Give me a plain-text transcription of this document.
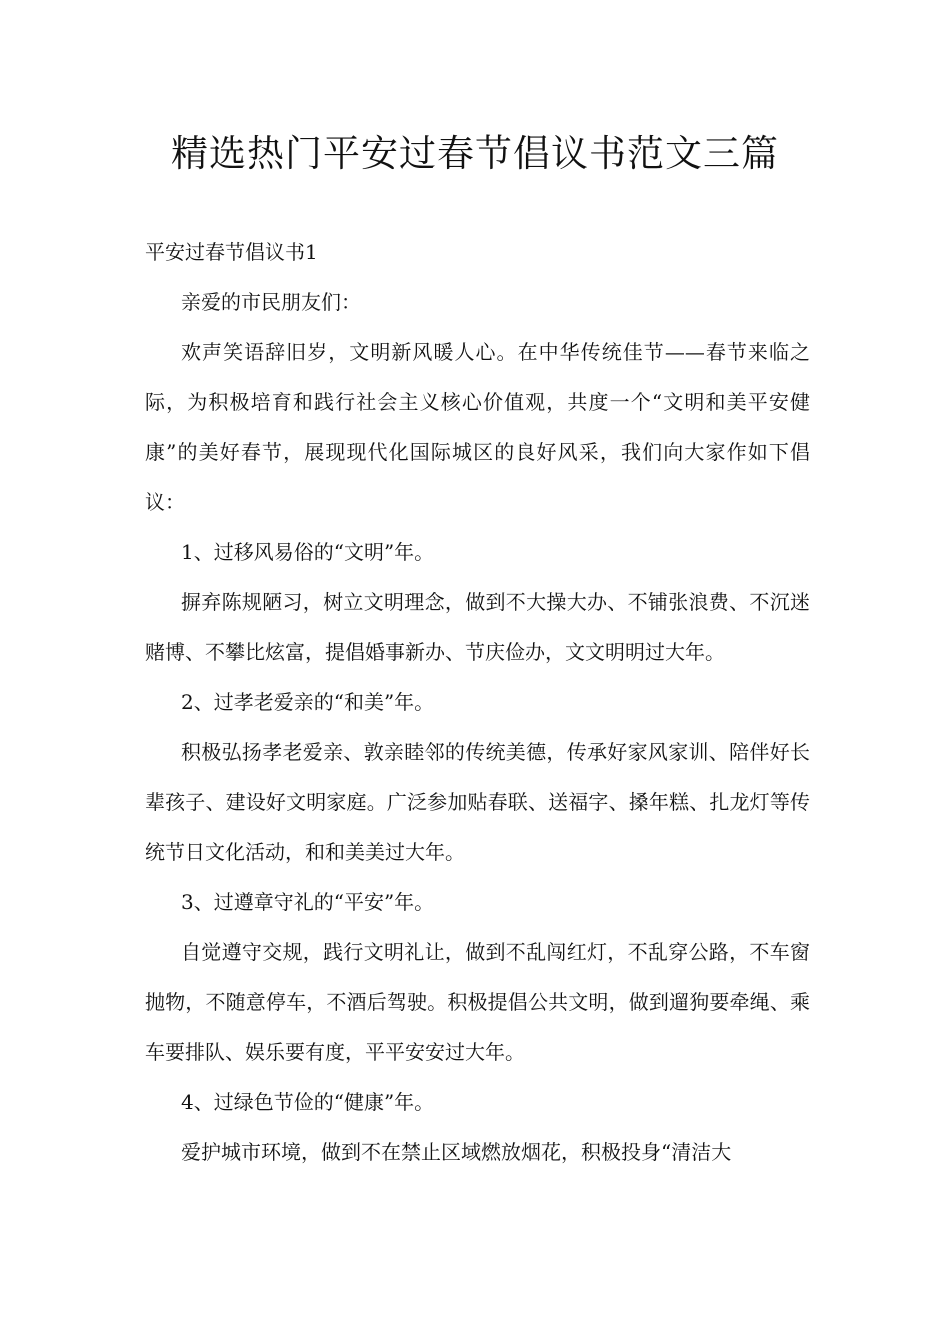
精选热门平安过春节倡议书范文三篇

平安过春节倡议书1

亲爱的市民朋友们：

欢声笑语辞旧岁，文明新风暖人心。在中华传统佳节——春节来临之际，为积极培育和践行社会主义核心价值观，共度一个“文明和美平安健康”的美好春节，展现现代化国际城区的良好风采，我们向大家作如下倡议：

1、过移风易俗的“文明”年。

摒弃陈规陋习，树立文明理念，做到不大操大办、不铺张浪费、不沉迷赌博、不攀比炫富，提倡婚事新办、节庆俭办，文文明明过大年。

2、过孝老爱亲的“和美”年。

积极弘扬孝老爱亲、敦亲睦邻的传统美德，传承好家风家训、陪伴好长辈孩子、建设好文明家庭。广泛参加贴春联、送福字、搡年糕、扎龙灯等传统节日文化活动，和和美美过大年。

3、过遵章守礼的“平安”年。

自觉遵守交规，践行文明礼让，做到不乱闯红灯，不乱穿公路，不车窗抛物，不随意停车，不酒后驾驶。积极提倡公共文明，做到遛狗要牵绳、乘车要排队、娱乐要有度，平平安安过大年。

4、过绿色节俭的“健康”年。

爱护城市环境，做到不在禁止区域燃放烟花，积极投身“清洁大
